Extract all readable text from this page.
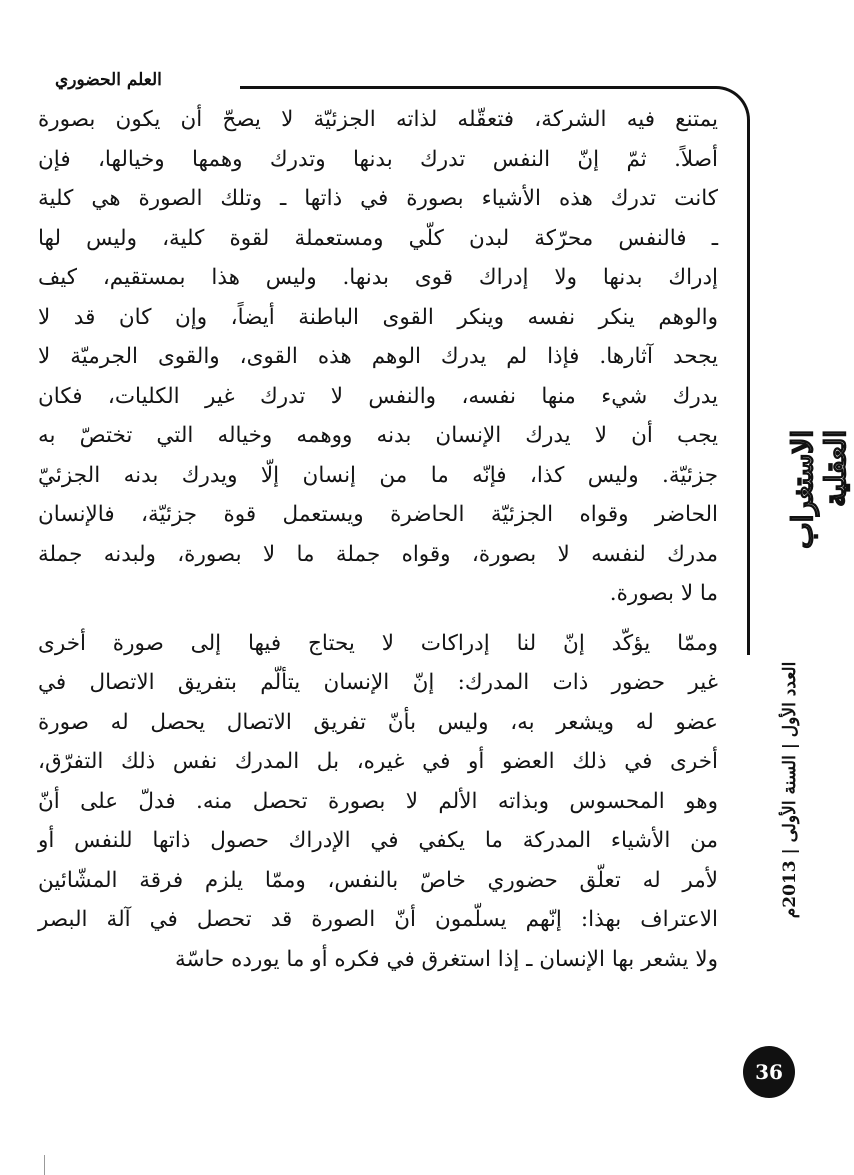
العلم الحضوري
يمتنع فيه الشركة، فتعقّله لذاته الجزئيّة لا يصحّ أن يكون بصورة
أصلاً. ثمّ إنّ النفس تدرك بدنها وتدرك وهمها وخيالها، فإن
كانت تدرك هذه الأشياء بصورة في ذاتها ـ وتلك الصورة هي كلية
ـ فالنفس محرّكة لبدن كلّي ومستعملة لقوة كلية، وليس لها
إدراك بدنها ولا إدراك قوى بدنها. وليس هذا بمستقيم، كيف
والوهم ينكر نفسه وينكر القوى الباطنة أيضاً، وإن كان قد لا
يجحد آثارها. فإذا لم يدرك الوهم هذه القوى، والقوى الجرميّة لا
يدرك شيء منها نفسه، والنفس لا تدرك غير الكليات، فكان
يجب أن لا يدرك الإنسان بدنه ووهمه وخياله التي تختصّ به
جزئيّة. وليس كذا، فإنّه ما من إنسان إلّا ويدرك بدنه الجزئيّ
الحاضر وقواه الجزئيّة الحاضرة ويستعمل قوة جزئيّة، فالإنسان
مدرك لنفسه لا بصورة، وقواه جملة ما لا بصورة، ولبدنه جملة
ما لا بصورة.
وممّا يؤكّد إنّ لنا إدراكات لا يحتاج فيها إلى صورة أخرى
غير حضور ذات المدرك: إنّ الإنسان يتألّم بتفريق الاتصال في
عضو له ويشعر به، وليس بأنّ تفريق الاتصال يحصل له صورة
أخرى في ذلك العضو أو في غيره، بل المدرك نفس ذلك التفرّق،
وهو المحسوس وبذاته الألم لا بصورة تحصل منه. فدلّ على أنّ
من الأشياء المدركة ما يكفي في الإدراك حصول ذاتها للنفس أو
لأمر له تعلّق حضوري خاصّ بالنفس، وممّا يلزم فرقة المشّائين
الاعتراف بهذا: إنّهم يسلّمون أنّ الصورة قد تحصل في آلة البصر
ولا يشعر بها الإنسان ـ إذا استغرق في فكره أو ما يورده حاسّة
الاستغراب العقلية
العدد الأول | السنة الأولى | 2013م
36
